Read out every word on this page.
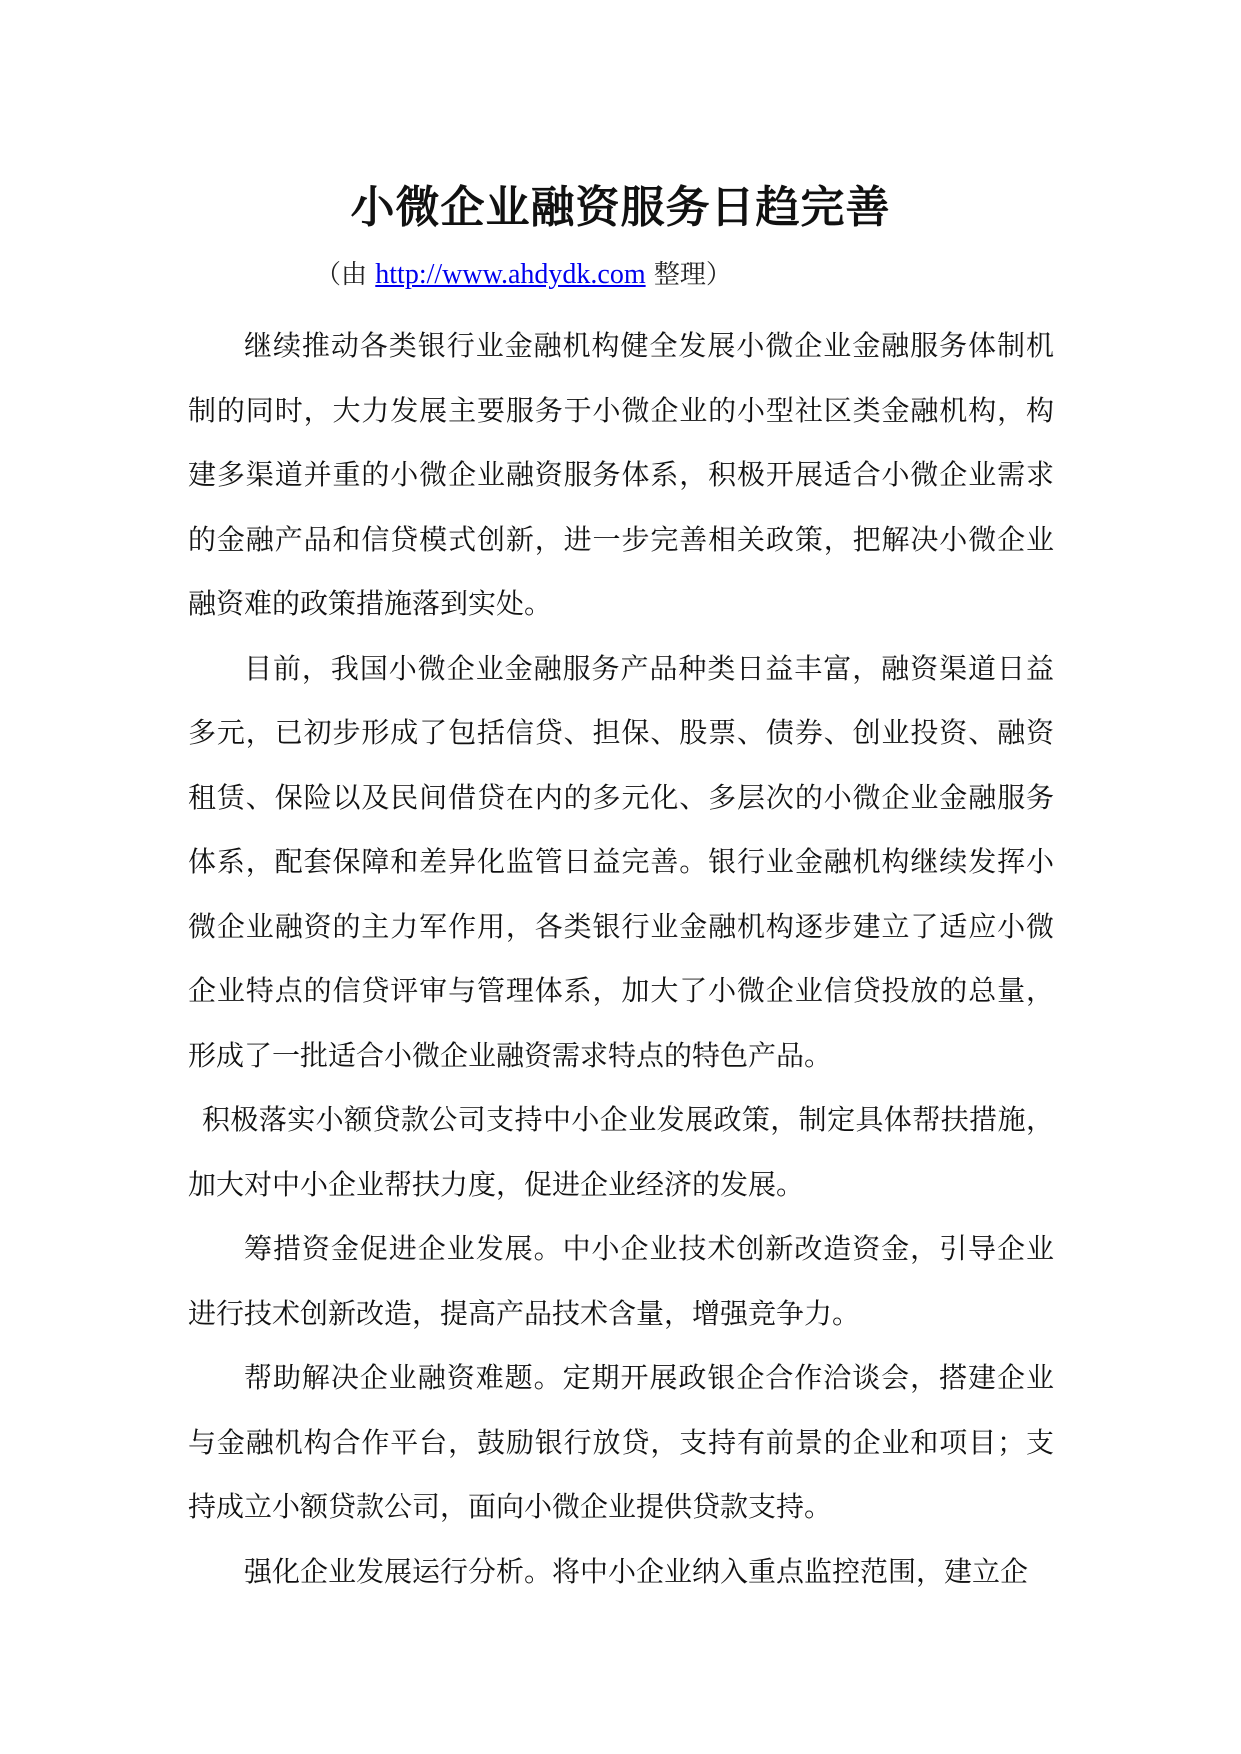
小微企业融资服务日趋完善
（由 http://www.ahdydk.com 整理）

继续推动各类银行业金融机构健全发展小微企业金融服务体制机制的同时，大力发展主要服务于小微企业的小型社区类金融机构，构建多渠道并重的小微企业融资服务体系，积极开展适合小微企业需求的金融产品和信贷模式创新，进一步完善相关政策，把解决小微企业融资难的政策措施落到实处。

目前，我国小微企业金融服务产品种类日益丰富，融资渠道日益多元，已初步形成了包括信贷、担保、股票、债券、创业投资、融资租赁、保险以及民间借贷在内的多元化、多层次的小微企业金融服务体系，配套保障和差异化监管日益完善。银行业金融机构继续发挥小微企业融资的主力军作用，各类银行业金融机构逐步建立了适应小微企业特点的信贷评审与管理体系，加大了小微企业信贷投放的总量，形成了一批适合小微企业融资需求特点的特色产品。

积极落实小额贷款公司支持中小企业发展政策，制定具体帮扶措施，加大对中小企业帮扶力度，促进企业经济的发展。

筹措资金促进企业发展。中小企业技术创新改造资金，引导企业进行技术创新改造，提高产品技术含量，增强竞争力。

帮助解决企业融资难题。定期开展政银企合作洽谈会，搭建企业与金融机构合作平台，鼓励银行放贷，支持有前景的企业和项目；支持成立小额贷款公司，面向小微企业提供贷款支持。

强化企业发展运行分析。将中小企业纳入重点监控范围，建立企
